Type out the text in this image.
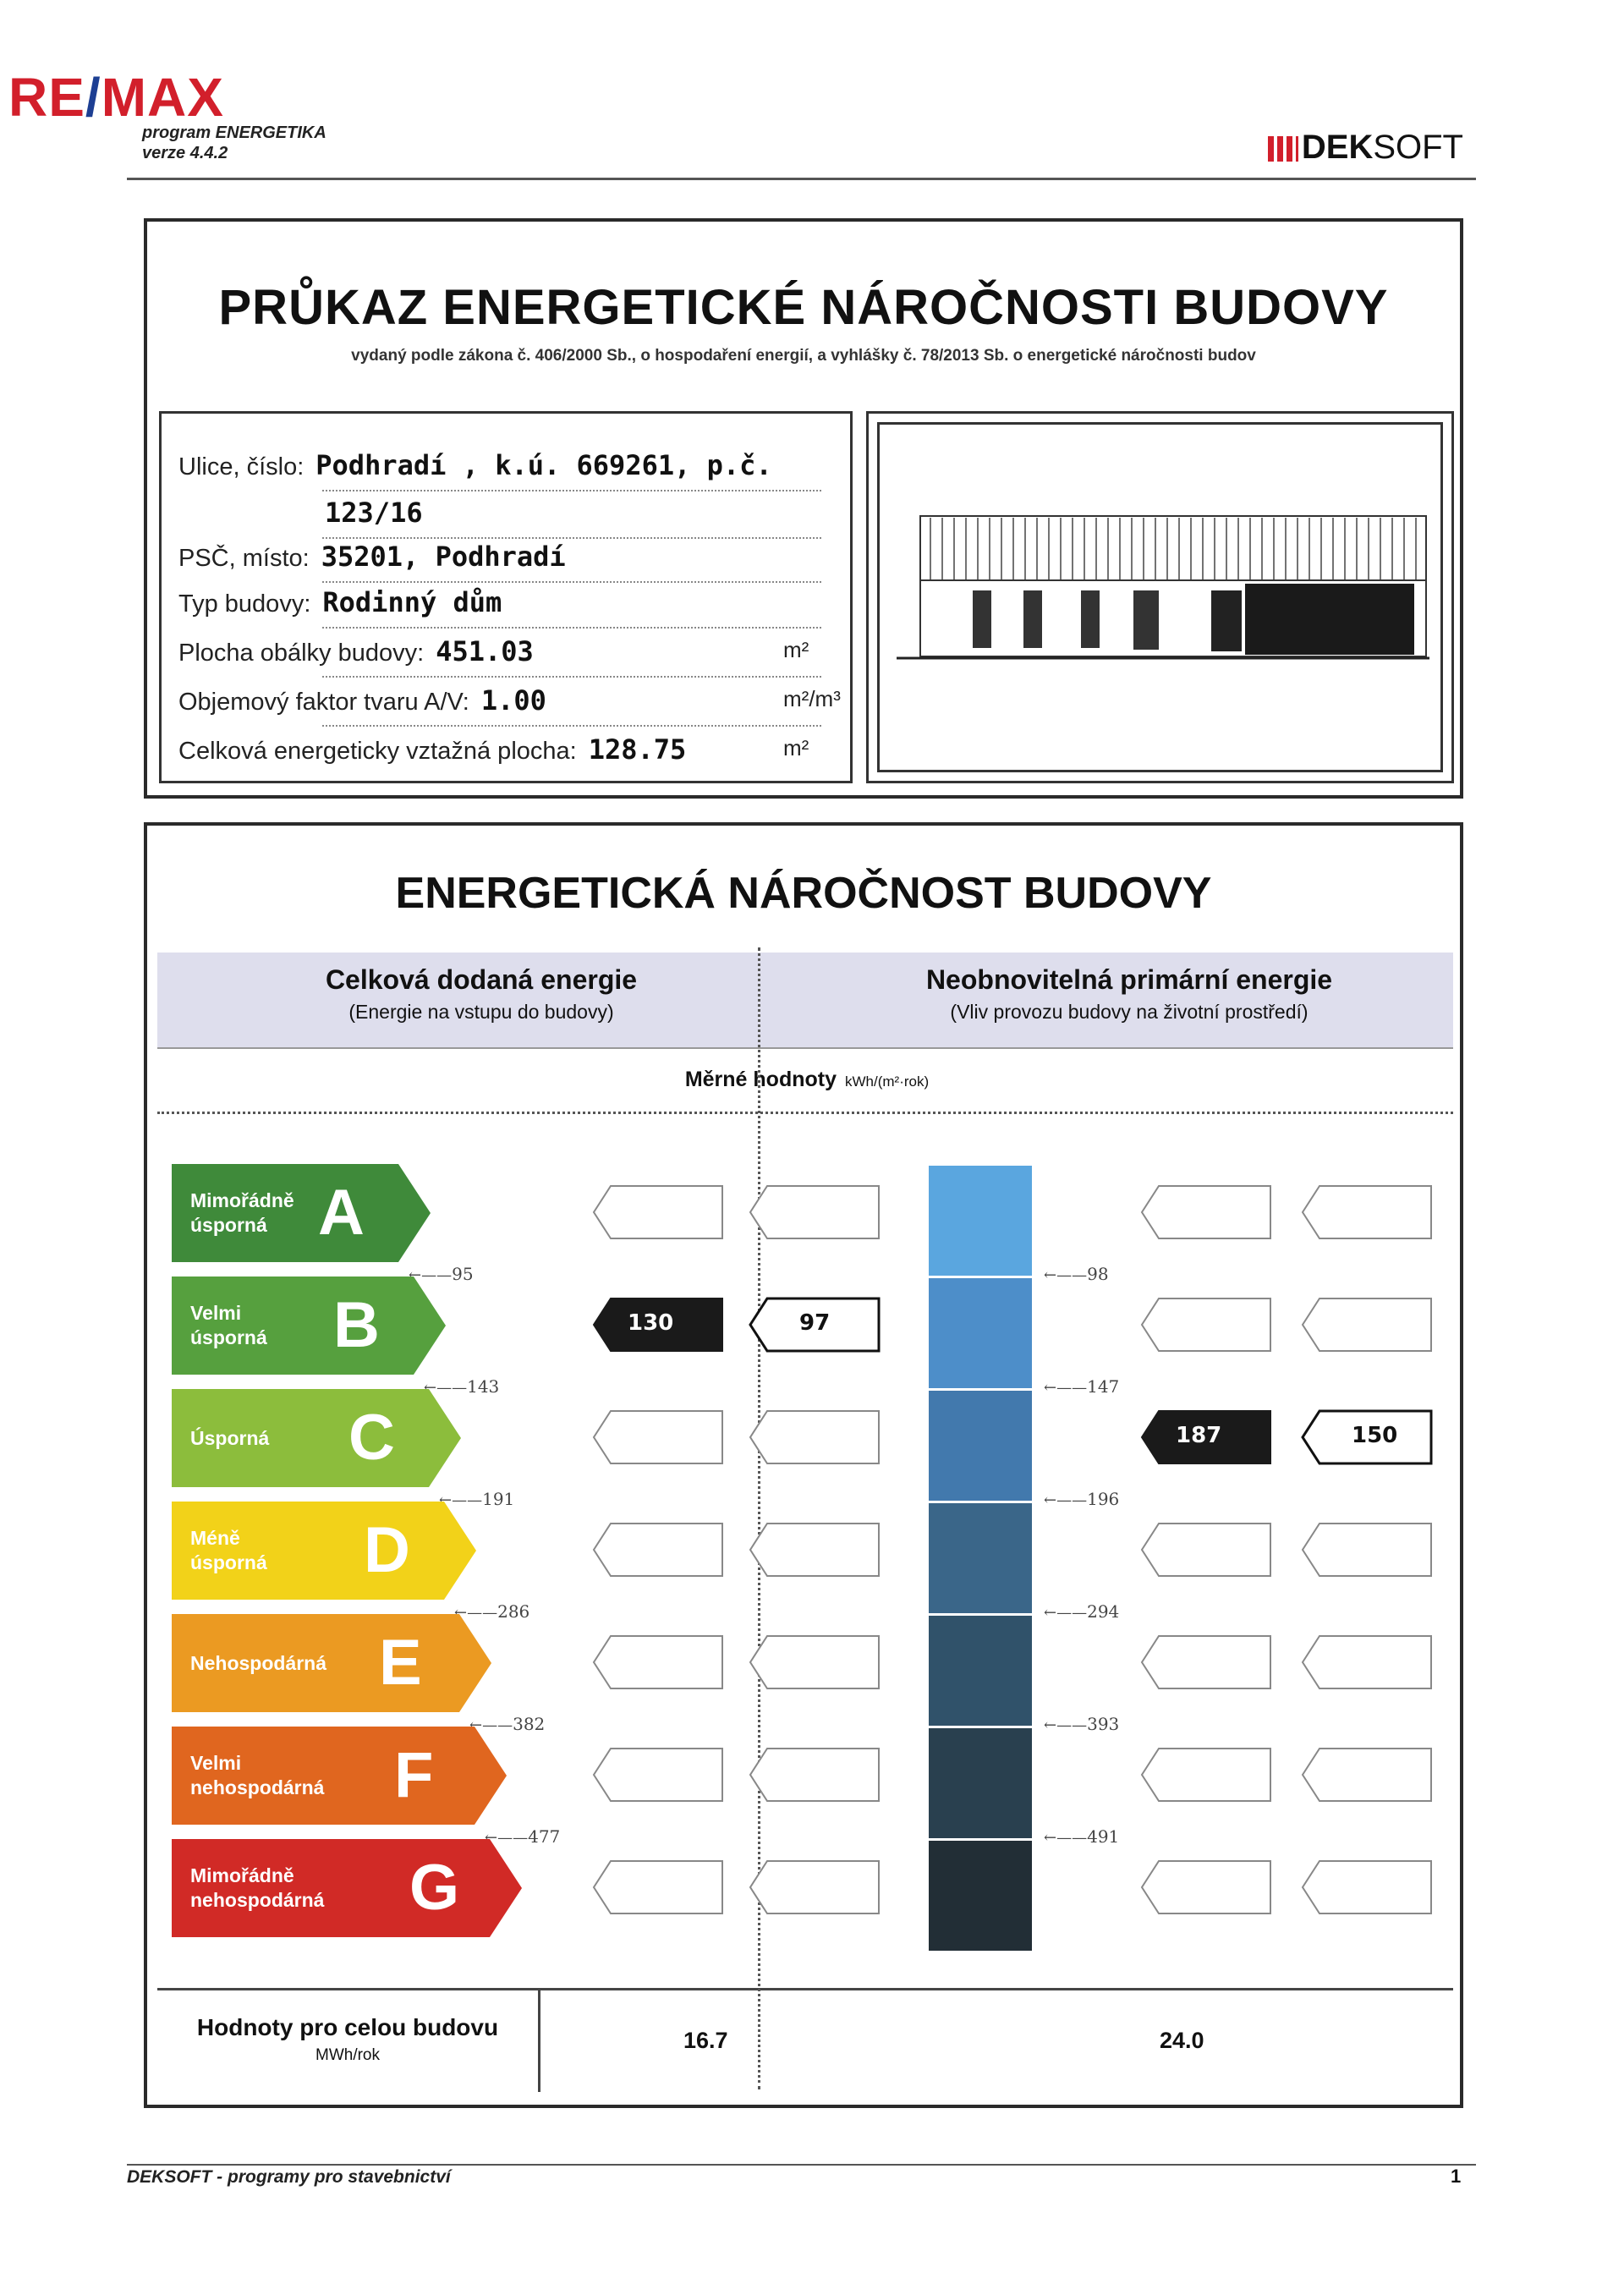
RE/MAX
program ENERGETIKA
verze 4.4.2	DEKSOFT
PRŮKAZ ENERGETICKÉ NÁROČNOSTI BUDOVY
vydaný podle zákona č. 406/2000 Sb., o hospodaření energií, a vyhlášky č. 78/2013 Sb. o energetické náročnosti budov
Ulice, číslo: Podhradí , k.ú. 669261, p.č.
123/16
PSČ, místo: 35201, Podhradí
Typ budovy: Rodinný dům
Plocha obálky budovy: 451.03	m²
Objemový faktor tvaru A/V: 1.00	m²/m³
Celková energeticky vztažná plocha: 128.75	m²
ENERGETICKÁ NÁROČNOST BUDOVY
Celková dodaná energie
(Energie na vstupu do budovy)
Neobnovitelná primární energie
(Vliv provozu budovy na životní prostředí)
Měrné hodnoty kWh/(m²·rok)
Hodnoty pro celou budovu
MWh/rok
16.7	24.0
Mimořádně
úsporná A
←—— 95	←—— 98
Velmi
úsporná B	130	97
←—— 143	←—— 147
Úsporná C	187	150
←—— 191	←—— 196
Méně
úsporná D
←—— 286	←—— 294
Nehospodárná E
←—— 382	←—— 393
Velmi
nehospodárná F
←—— 477	←—— 491
Mimořádně
nehospodárná G
DEKSOFT - programy pro stavebnictví	1
